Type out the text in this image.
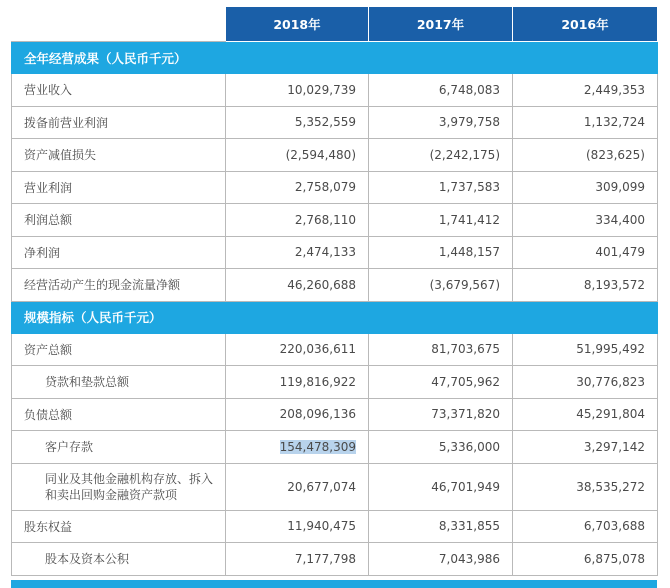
	2018年	2017年	2016年
全年经营成果（人民币千元）			
营业收入	10,029,739	6,748,083	2,449,353
拨备前营业利润	5,352,559	3,979,758	1,132,724
资产减值损失	(2,594,480)	(2,242,175)	(823,625)
营业利润	2,758,079	1,737,583	309,099
利润总额	2,768,110	1,741,412	334,400
净利润	2,474,133	1,448,157	401,479
经营活动产生的现金流量净额	46,260,688	(3,679,567)	8,193,572
规模指标（人民币千元）			
资产总额	220,036,611	81,703,675	51,995,492
贷款和垫款总额	119,816,922	47,705,962	30,776,823
负债总额	208,096,136	73,371,820	45,291,804
客户存款	154,478,309	5,336,000	3,297,142
同业及其他金融机构存放、拆入和卖出回购金融资产款项	20,677,074	46,701,949	38,535,272
股东权益	11,940,475	8,331,855	6,703,688
股本及资本公积	7,177,798	7,043,986	6,875,078
